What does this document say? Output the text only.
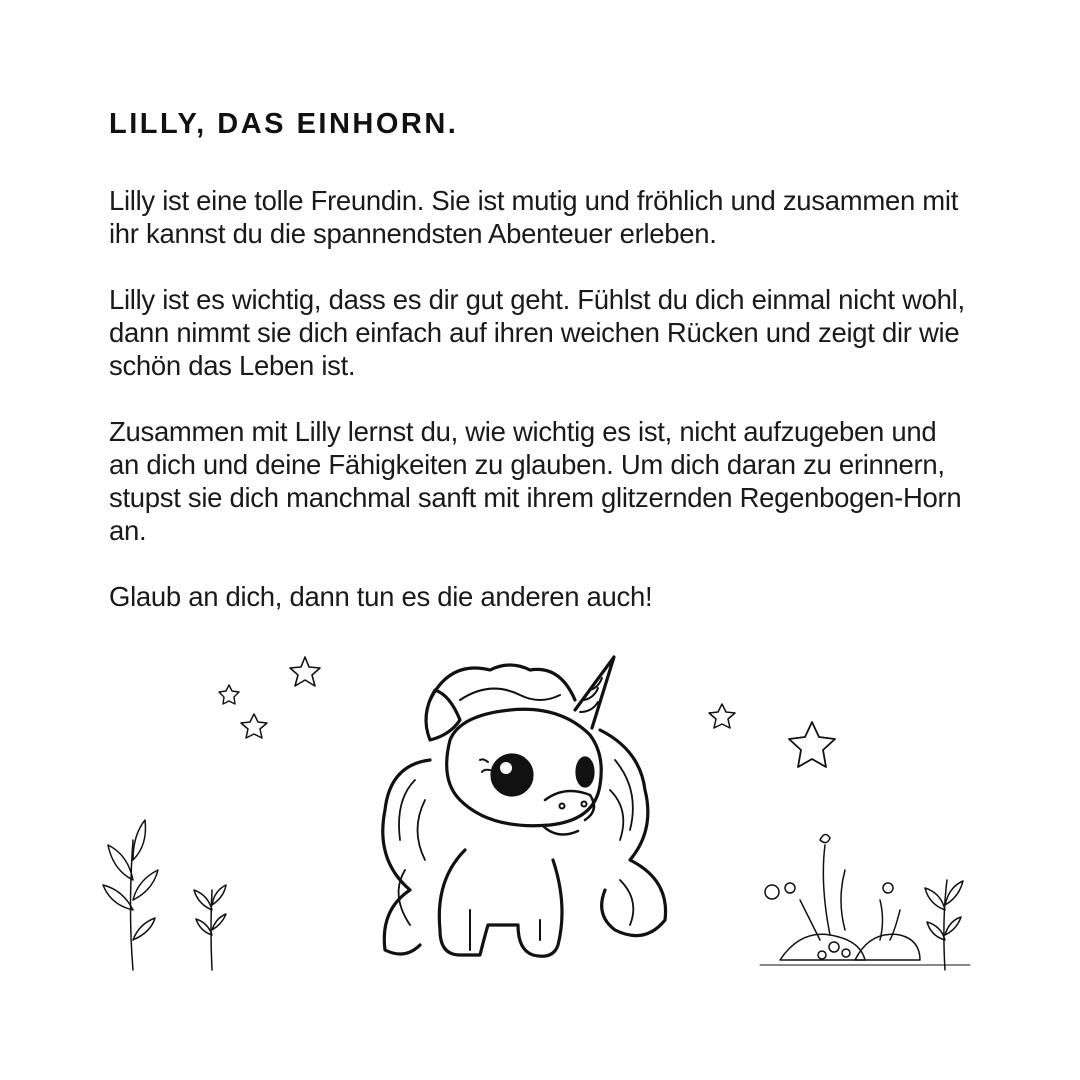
LILLY, DAS EINHORN.

Lilly ist eine tolle Freundin. Sie ist mutig und fröhlich und zusammen mit ihr kannst du die spannendsten Abenteuer erleben.

Lilly ist es wichtig, dass es dir gut geht. Fühlst du dich einmal nicht wohl, dann nimmt sie dich einfach auf ihren weichen Rücken und zeigt dir wie schön das Leben ist.

Zusammen mit Lilly lernst du, wie wichtig es ist, nicht aufzugeben und an dich und deine Fähigkeiten zu glauben. Um dich daran zu erinnern, stupst sie dich manchmal sanft mit ihrem glitzernden Regenbogen-Horn an.

Glaub an dich, dann tun es die anderen auch!
